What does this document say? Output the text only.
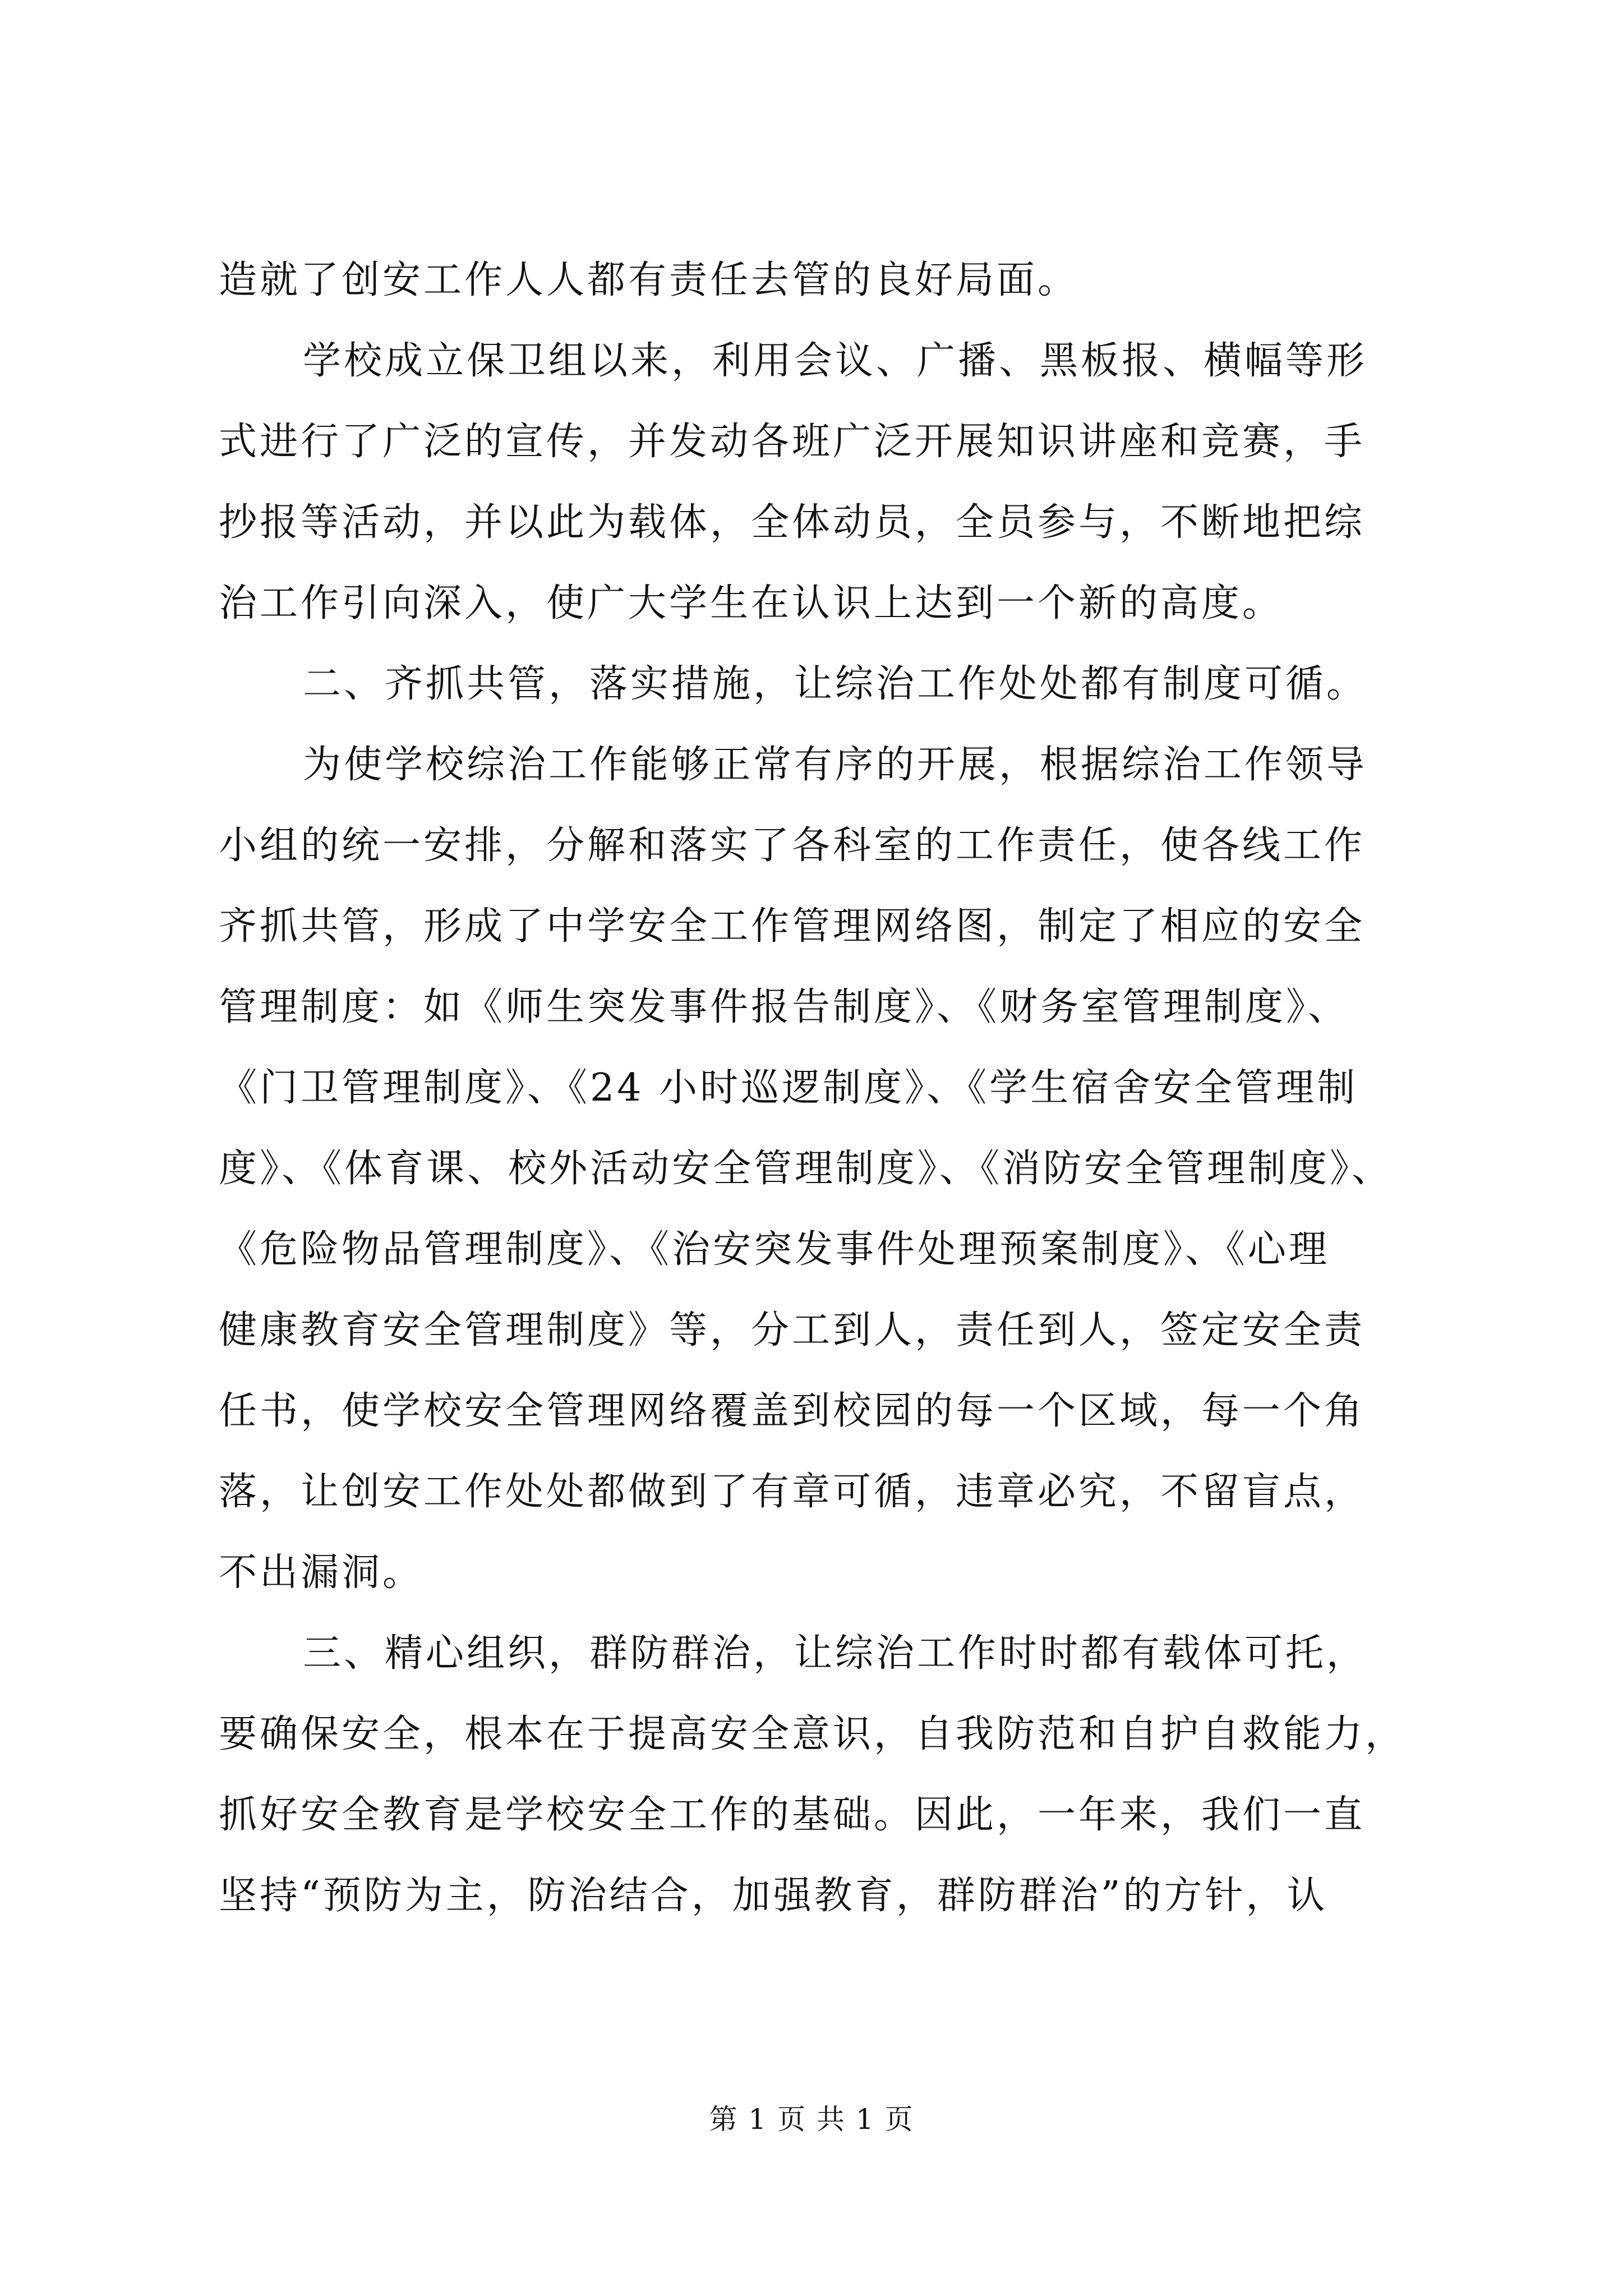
造就了创安工作人人都有责任去管的良好局面。
学校成立保卫组以来，利用会议、广播、黑板报、横幅等形
式进行了广泛的宣传，并发动各班广泛开展知识讲座和竞赛，手
抄报等活动，并以此为载体，全体动员，全员参与，不断地把综
治工作引向深入，使广大学生在认识上达到一个新的高度。
二、齐抓共管，落实措施，让综治工作处处都有制度可循。
为使学校综治工作能够正常有序的开展，根据综治工作领导
小组的统一安排，分解和落实了各科室的工作责任，使各线工作
齐抓共管，形成了中学安全工作管理网络图，制定了相应的安全
管理制度：如《师生突发事件报告制度》、《财务室管理制度》、
《门卫管理制度》、《24 小时巡逻制度》、《学生宿舍安全管理制
度》、《体育课、校外活动安全管理制度》、《消防安全管理制度》、
《危险物品管理制度》、《治安突发事件处理预案制度》、《心理
健康教育安全管理制度》等，分工到人，责任到人，签定安全责
任书，使学校安全管理网络覆盖到校园的每一个区域，每一个角
落，让创安工作处处都做到了有章可循，违章必究，不留盲点，
不出漏洞。
三、精心组织，群防群治，让综治工作时时都有载体可托，
要确保安全，根本在于提高安全意识，自我防范和自护自救能力，
抓好安全教育是学校安全工作的基础。因此，一年来，我们一直
坚持“预防为主，防治结合，加强教育，群防群治”的方针，认
第 1 页 共 1 页
